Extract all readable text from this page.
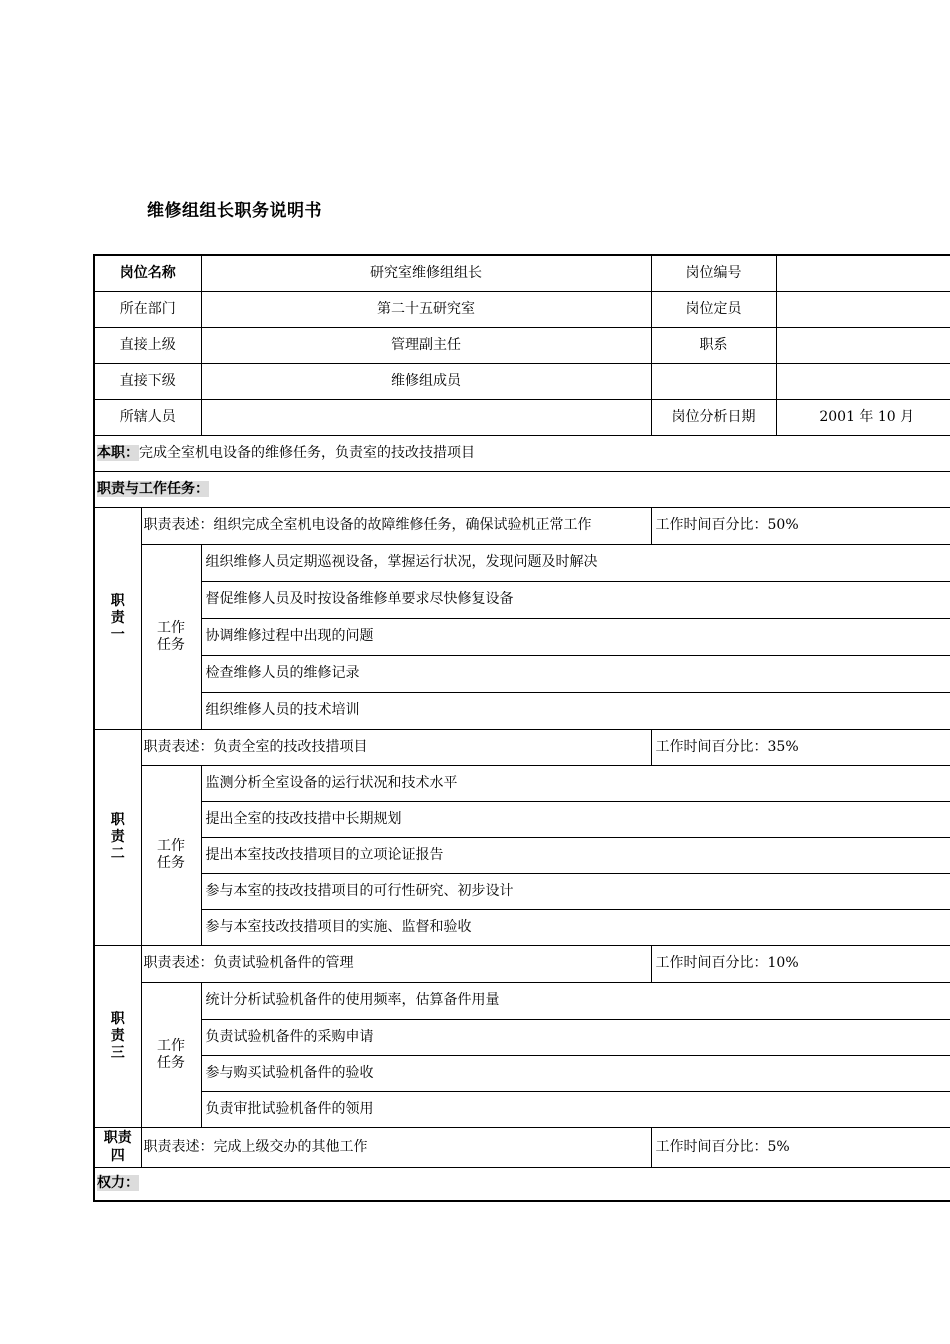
维修组组长职务说明书
岗位名称		研究室维修组组长	岗位编号	
所在部门		第二十五研究室	岗位定员	
直接上级		管理副主任	职系	
直接下级		维修组成员		
所辖人员			岗位分析日期	2001 年 10 月
本职：完成全室机电设备的维修任务，负责室的技改技措项目				
职责与工作任务：				
职
责
一	职责表述：组织完成全室机电设备的故障维修任务，确保试验机正常工作		工作时间百分比：50%	
	工作
任务	组织维修人员定期巡视设备，掌握运行状况，发现问题及时解决		
		督促维修人员及时按设备维修单要求尽快修复设备		
		协调维修过程中出现的问题		
		检查维修人员的维修记录		
		组织维修人员的技术培训		
职
责
二	职责表述：负责全室的技改技措项目		工作时间百分比：35%	
	工作
任务	监测分析全室设备的运行状况和技术水平		
		提出全室的技改技措中长期规划		
		提出本室技改技措项目的立项论证报告		
		参与本室的技改技措项目的可行性研究、初步设计		
		参与本室技改技措项目的实施、监督和验收		
职
责
三	职责表述：负责试验机备件的管理		工作时间百分比：10%	
	工作
任务	统计分析试验机备件的使用频率，估算备件用量		
		负责试验机备件的采购申请		
		参与购买试验机备件的验收		
		负责审批试验机备件的领用		
职责
四	职责表述：完成上级交办的其他工作		工作时间百分比：5%	
权力：				
